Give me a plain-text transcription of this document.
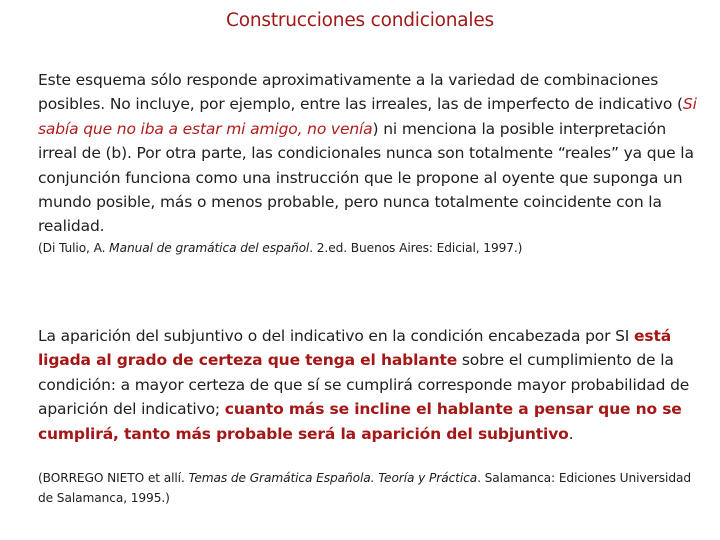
Construcciones condicionales
Este esquema sólo responde aproximativamente a la variedad de combinaciones posibles. No incluye, por ejemplo, entre las irreales, las de imperfecto de indicativo (Si sabía que no iba a estar mi amigo, no venía) ni menciona la posible interpretación irreal de (b). Por otra parte, las condicionales nunca son totalmente “reales” ya que la conjunción funciona como una instrucción que le propone al oyente que suponga un mundo posible, más o menos probable, pero nunca totalmente coincidente con la realidad.
(Di Tulio, A. Manual de gramática del español. 2.ed. Buenos Aires: Edicial, 1997.)
La aparición del subjuntivo o del indicativo en la condición encabezada por SI está ligada al grado de certeza que tenga el hablante sobre el cumplimiento de la condición: a mayor certeza de que sí se cumplirá corresponde mayor probabilidad de aparición del indicativo; cuanto más se incline el hablante a pensar que no se cumplirá, tanto más probable será la aparición del subjuntivo.
(BORREGO NIETO et allí. Temas de Gramática Española. Teoría y Práctica. Salamanca: Ediciones Universidad de Salamanca, 1995.)
